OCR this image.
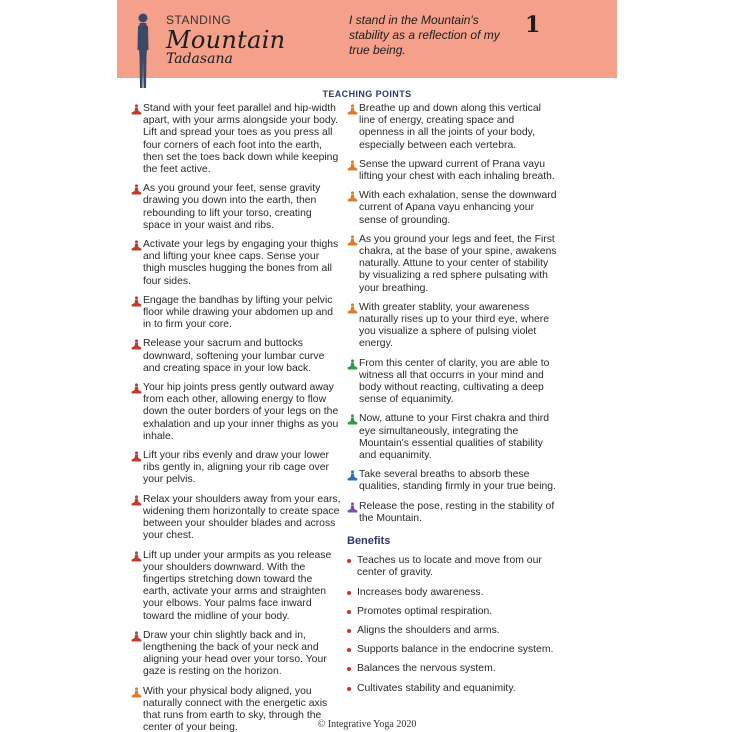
STANDING
Mountain
Tadasana
I stand in the Mountain's stability as a reflection of my true being.
1
TEACHING POINTS
Stand with your feet parallel and hip-width apart, with your arms alongside your body. Lift and spread your toes as you press all four corners of each foot into the earth, then set the toes back down while keeping the feet active.
As you ground your feet, sense gravity drawing you down into the earth, then rebounding to lift your torso, creating space in your waist and ribs.
Activate your legs by engaging your thighs and lifting your knee caps. Sense your thigh muscles hugging the bones from all four sides.
Engage the bandhas by lifting your pelvic floor while drawing your abdomen up and in to firm your core.
Release your sacrum and buttocks downward, softening your lumbar curve and creating space in your low back.
Your hip joints press gently outward away from each other, allowing energy to flow down the outer borders of your legs on the exhalation and up your inner thighs as you inhale.
Lift your ribs evenly and draw your lower ribs gently in, aligning your rib cage over your pelvis.
Relax your shoulders away from your ears, widening them horizontally to create space between your shoulder blades and across your chest.
Lift up under your armpits as you release your shoulders downward. With the fingertips stretching down toward the earth, activate your arms and straighten your elbows. Your palms face inward toward the midline of your body.
Draw your chin slightly back and in, lengthening the back of your neck and aligning your head over your torso. Your gaze is resting on the horizon.
With your physical body aligned, you naturally connect with the energetic axis that runs from earth to sky, through the center of your being.
Breathe up and down along this vertical line of energy, creating space and openness in all the joints of your body, especially between each vertebra.
Sense the upward current of Prana vayu lifting your chest with each inhaling breath.
With each exhalation, sense the downward current of Apana vayu enhancing your sense of grounding.
As you ground your legs and feet, the First chakra, at the base of your spine, awakens naturally. Attune to your center of stability by visualizing a red sphere pulsating with your breathing.
With greater stablity, your awareness naturally rises up to your third eye, where you visualize a sphere of pulsing violet energy.
From this center of clarity, you are able to witness all that occurrs in your mind and body without reacting, cultivating a deep sense of equanimity.
Now, attune to your First chakra and third eye simultaneously, integrating the Mountain's essential qualities of stability and equanimity.
Take several breaths to absorb these qualities, standing firmly in your true being.
Release the pose, resting in the stability of the Mountain.
Benefits
Teaches us to locate and move from our center of gravity.
Increases body awareness.
Promotes optimal respiration.
Aligns the shoulders and arms.
Supports balance in the endocrine system.
Balances the nervous system.
Cultivates stability and equanimity.
© Integrative Yoga 2020
